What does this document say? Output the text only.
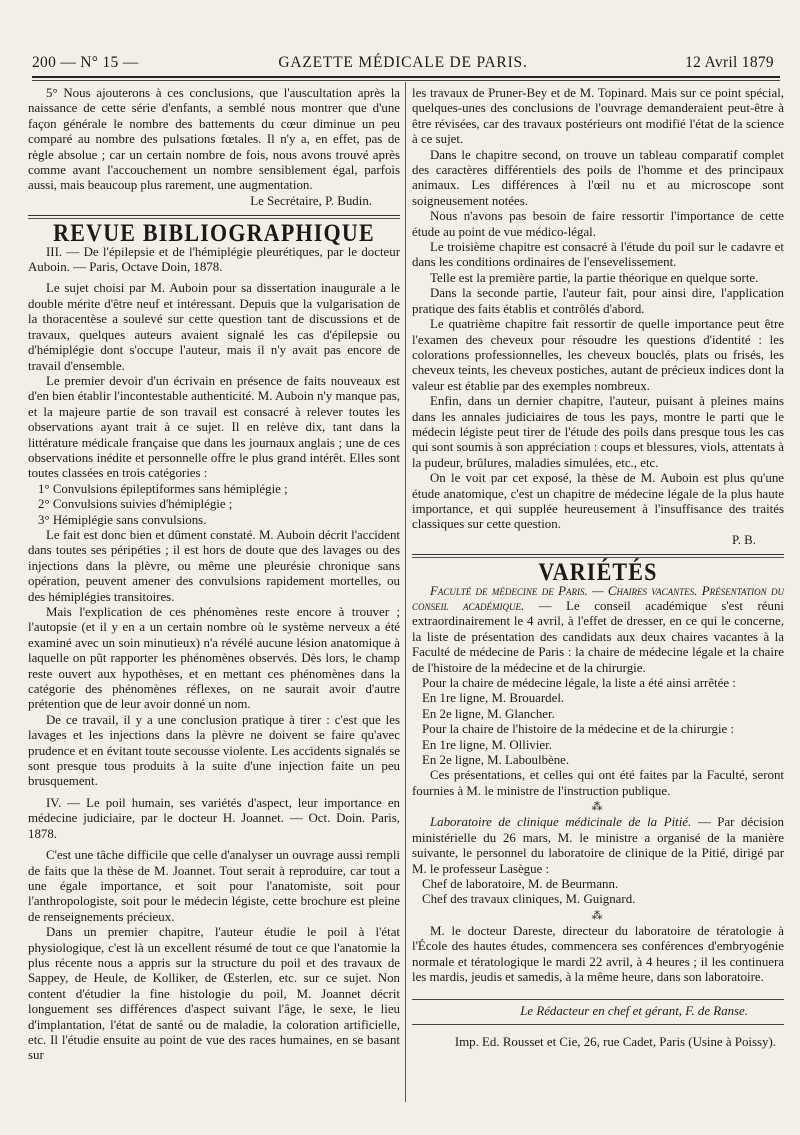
200 — N° 15 —	GAZETTE MÉDICALE DE PARIS.	12 Avril 1879

5° Nous ajouterons à ces conclusions, que l'auscultation après la naissance de cette série d'enfants, a semblé nous montrer que d'une façon générale le nombre des battements du cœur diminue un peu comparé au nombre des pulsations fœtales. Il n'y a, en effet, pas de règle absolue ; car un certain nombre de fois, nous avons trouvé après comme avant l'accouchement un nombre sensiblement égal, parfois aussi, mais beaucoup plus rarement, une augmentation.

Le Secrétaire, P. Budin.

REVUE BIBLIOGRAPHIQUE

III. — De l'épilepsie et de l'hémiplégie pleurétiques, par le docteur Auboin. — Paris, Octave Doin, 1878.

Le sujet choisi par M. Auboin pour sa dissertation inaugurale a le double mérite d'être neuf et intéressant. Depuis que la vulgarisation de la thoracentèse a soulevé sur cette question tant de discussions et de travaux, quelques auteurs avaient signalé les cas d'épilepsie ou d'hémiplégie dont s'occupe l'auteur, mais il n'y avait pas encore de travail d'ensemble.

Le premier devoir d'un écrivain en présence de faits nouveaux est d'en bien établir l'incontestable authenticité. M. Auboin n'y manque pas, et la majeure partie de son travail est consacré à relever toutes les observations ayant trait à ce sujet. Il en relève dix, tant dans la littérature médicale française que dans les journaux anglais ; une de ces observations inédite et personnelle offre le plus grand intérêt. Elles sont toutes classées en trois catégories :

1° Convulsions épileptiformes sans hémiplégie ;

2° Convulsions suivies d'hémiplégie ;

3° Hémiplégie sans convulsions.

Le fait est donc bien et dûment constaté. M. Auboin décrit l'accident dans toutes ses péripéties ; il est hors de doute que des lavages ou des injections dans la plèvre, ou même une pleurésie chronique sans opération, peuvent amener des convulsions rapidement mortelles, ou des hémiplégies transitoires.

Mais l'explication de ces phénomènes reste encore à trouver ; l'autopsie (et il y en a un certain nombre où le système nerveux a été examiné avec un soin minutieux) n'a révélé aucune lésion anatomique à laquelle on pût rapporter les phénomènes observés. Dès lors, le champ reste ouvert aux hypothèses, et en mettant ces phénomènes dans la catégorie des phénomènes réflexes, on ne saurait avoir d'autre prétention que de leur avoir donné un nom.

De ce travail, il y a une conclusion pratique à tirer : c'est que les lavages et les injections dans la plèvre ne doivent se faire qu'avec prudence et en évitant toute secousse violente. Les accidents signalés se sont presque tous produits à la suite d'une injection faite un peu brusquement.

IV. — Le poil humain, ses variétés d'aspect, leur importance en médecine judiciaire, par le docteur H. Joannet. — Oct. Doin. Paris, 1878.

C'est une tâche difficile que celle d'analyser un ouvrage aussi rempli de faits que la thèse de M. Joannet. Tout serait à reproduire, car tout a une égale importance, et soit pour l'anatomiste, soit pour l'anthropologiste, soit pour le médecin légiste, cette brochure est pleine de renseignements précieux.

Dans un premier chapitre, l'auteur étudie le poil à l'état physiologique, c'est là un excellent résumé de tout ce que l'anatomie la plus récente nous a appris sur la structure du poil et des travaux de Sappey, de Heule, de Kolliker, de Œsterlen, etc. sur ce sujet. Non content d'étudier la fine histologie du poil, M. Joannet décrit longuement ses différences d'aspect suivant l'âge, le sexe, le lieu d'implantation, l'état de santé ou de maladie, la coloration artificielle, etc. Il l'étudie ensuite au point de vue des races humaines, en se basant sur

les travaux de Pruner-Bey et de M. Topinard. Mais sur ce point spécial, quelques-unes des conclusions de l'ouvrage demanderaient peut-être à être révisées, car des travaux postérieurs ont modifié l'état de la science à ce sujet.

Dans le chapitre second, on trouve un tableau comparatif complet des caractères différentiels des poils de l'homme et des principaux animaux. Les différences à l'œil nu et au microscope sont soigneusement notées.

Nous n'avons pas besoin de faire ressortir l'importance de cette étude au point de vue médico-légal.

Le troisième chapitre est consacré à l'étude du poil sur le cadavre et dans les conditions ordinaires de l'ensevelissement.

Telle est la première partie, la partie théorique en quelque sorte.

Dans la seconde partie, l'auteur fait, pour ainsi dire, l'application pratique des faits établis et contrôlés d'abord.

Le quatrième chapitre fait ressortir de quelle importance peut être l'examen des cheveux pour résoudre les questions d'identité : les colorations professionnelles, les cheveux bouclés, plats ou frisés, les cheveux teints, les cheveux postiches, autant de précieux indices dont la valeur est établie par des exemples nombreux.

Enfin, dans un dernier chapitre, l'auteur, puisant à pleines mains dans les annales judiciaires de tous les pays, montre le parti que le médecin légiste peut tirer de l'étude des poils dans presque tous les cas qui sont soumis à son appréciation : coups et blessures, viols, attentats à la pudeur, brûlures, maladies simulées, etc., etc.

On le voit par cet exposé, la thèse de M. Auboin est plus qu'une étude anatomique, c'est un chapitre de médecine légale de la plus haute importance, et qui supplée heureusement à l'insuffisance des traités classiques sur cette question.

P. B.

VARIÉTÉS

Faculté de médecine de Paris. — Chaires vacantes. Présentation du conseil académique. — Le conseil académique s'est réuni extraordinairement le 4 avril, à l'effet de dresser, en ce qui le concerne, la liste de présentation des candidats aux deux chaires vacantes à la Faculté de médecine de Paris : la chaire de médecine légale et la chaire de l'histoire de la médecine et de la chirurgie.

Pour la chaire de médecine légale, la liste a été ainsi arrêtée :

En 1re ligne, M. Brouardel.

En 2e ligne, M. Glancher.

Pour la chaire de l'histoire de la médecine et de la chirurgie :

En 1re ligne, M. Ollivier.

En 2e ligne, M. Laboulbène.

Ces présentations, et celles qui ont été faites par la Faculté, seront fournies à M. le ministre de l'instruction publique.

⁂

Laboratoire de clinique médicinale de la Pitié. — Par décision ministérielle du 26 mars, M. le ministre a organisé de la manière suivante, le personnel du laboratoire de clinique de la Pitié, dirigé par M. le professeur Lasègue :

Chef de laboratoire, M. de Beurmann.

Chef des travaux cliniques, M. Guignard.

⁂

M. le docteur Dareste, directeur du laboratoire de tératologie à l'École des hautes études, commencera ses conférences d'embryogénie normale et tératologique le mardi 22 avril, à 4 heures ; il les continuera les mardis, jeudis et samedis, à la même heure, dans son laboratoire.

Le Rédacteur en chef et gérant, F. de Ranse.

Imp. Ed. Rousset et Cie, 26, rue Cadet, Paris (Usine à Poissy).
